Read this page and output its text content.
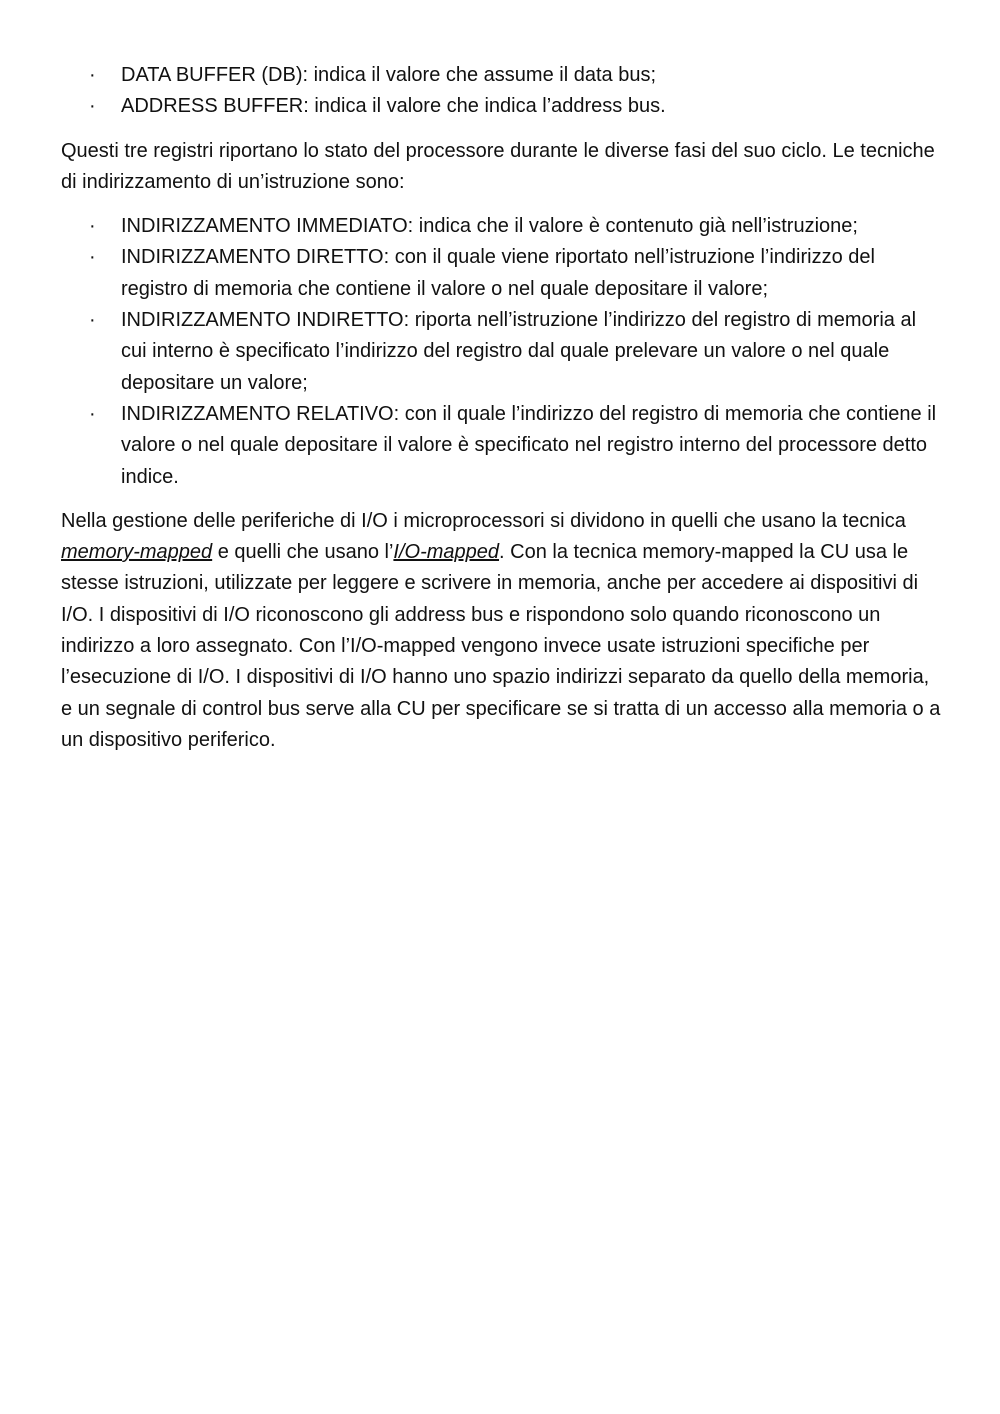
· DATA BUFFER (DB): indica il valore che assume il data bus;
· ADDRESS BUFFER: indica il valore che indica l’address bus.

Questi tre registri riportano lo stato del processore durante le diverse fasi del suo ciclo. Le tecniche di indirizzamento di un’istruzione sono:

· INDIRIZZAMENTO IMMEDIATO: indica che il valore è contenuto già nell’istruzione;
· INDIRIZZAMENTO DIRETTO: con il quale viene riportato nell’istruzione l’indirizzo del registro di memoria che contiene il valore o nel quale depositare il valore;
· INDIRIZZAMENTO INDIRETTO: riporta nell’istruzione l’indirizzo del registro di memoria al cui interno è specificato l’indirizzo del registro dal quale prelevare un valore o nel quale depositare un valore;
· INDIRIZZAMENTO RELATIVO: con il quale l’indirizzo del registro di memoria che contiene il valore o nel quale depositare il valore è specificato nel registro interno del processore detto indice.

Nella gestione delle periferiche di I/O i microprocessori si dividono in quelli che usano la tecnica memory-mapped e quelli che usano l’I/O-mapped. Con la tecnica memory-mapped la CU usa le stesse istruzioni, utilizzate per leggere e scrivere in memoria, anche per accedere ai dispositivi di I/O. I dispositivi di I/O riconoscono gli address bus e rispondono solo quando riconoscono un indirizzo a loro assegnato. Con l’I/O-mapped vengono invece usate istruzioni specifiche per l’esecuzione di I/O. I dispositivi di I/O hanno uno spazio indirizzi separato da quello della memoria, e un segnale di control bus serve alla CU per specificare se si tratta di un accesso alla memoria o a un dispositivo periferico.
